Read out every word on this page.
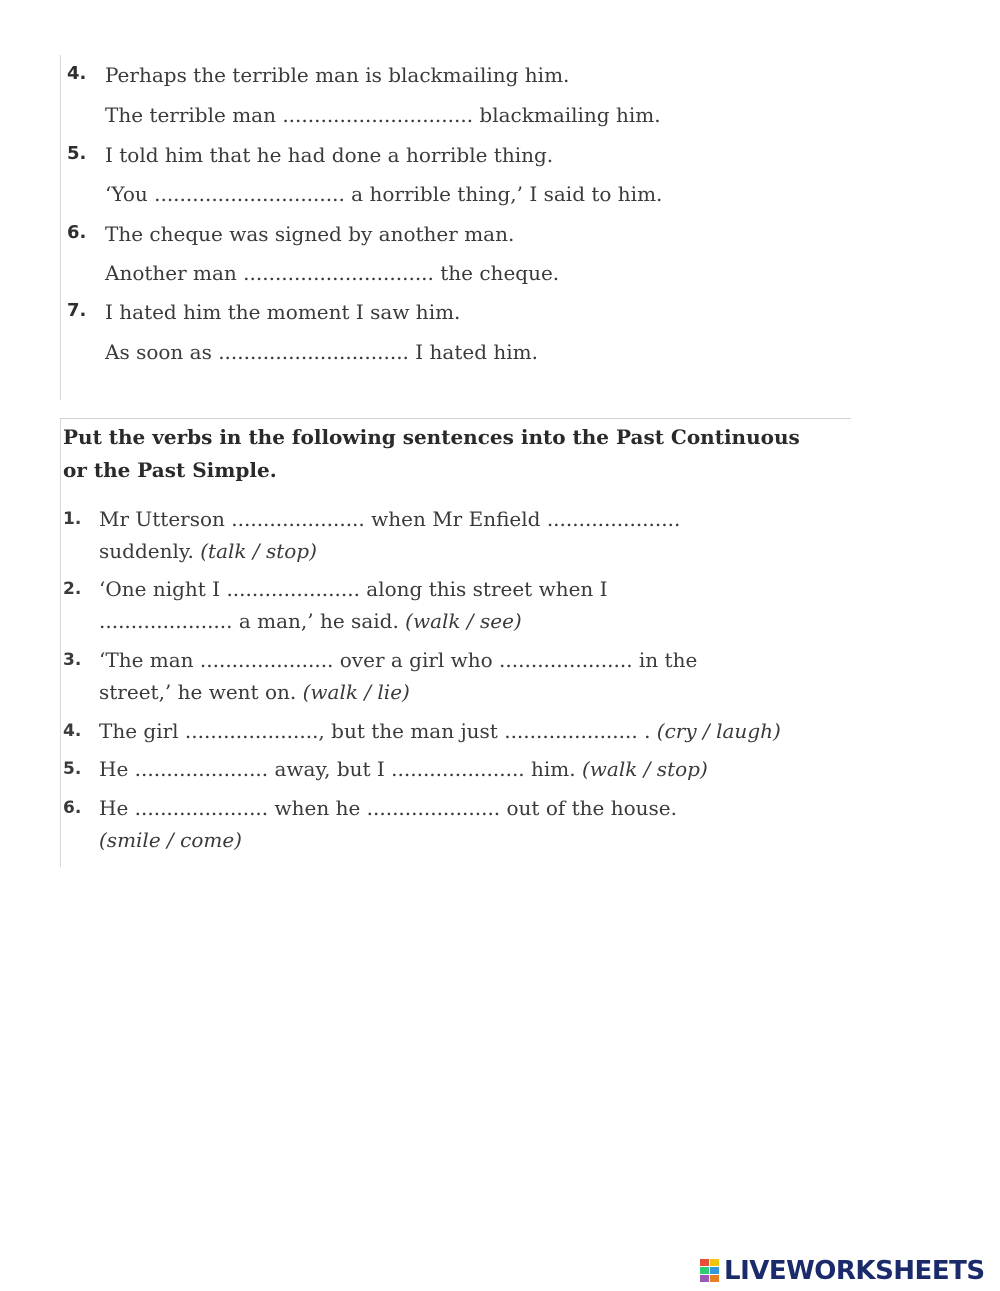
4. Perhaps the terrible man is blackmailing him.
The terrible man .............................. blackmailing him.
5. I told him that he had done a horrible thing.
‘You .............................. a horrible thing,’ I said to him.
6. The cheque was signed by another man.
Another man .............................. the cheque.
7. I hated him the moment I saw him.
As soon as .............................. I hated him.
Put the verbs in the following sentences into the Past Continuous
or the Past Simple.
1. Mr Utterson ..................... when Mr Enfield .....................
suddenly. (talk / stop)
2. ‘One night I ..................... along this street when I
..................... a man,’ he said. (walk / see)
3. ‘The man ..................... over a girl who ..................... in the
street,’ he went on. (walk / lie)
4. The girl ....................., but the man just ..................... . (cry / laugh)
5. He ..................... away, but I ..................... him. (walk / stop)
6. He ..................... when he ..................... out of the house.
(smile / come)
LIVEWORKSHEETS
